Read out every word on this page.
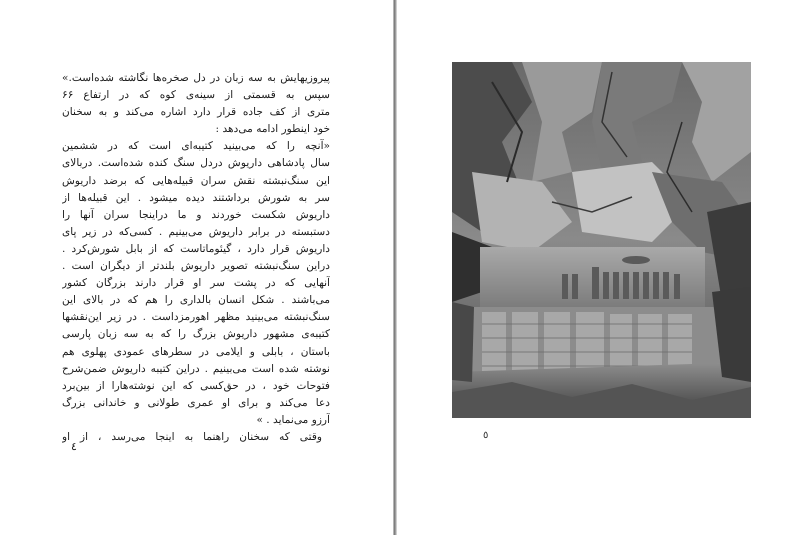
پیروزیهایش به سه زبان در دل صخره‌ها نگاشته شده‌است.»
سپس به قسمتی از سینه‌ی کوه که در ارتفاع ۶۶
متری از کف جاده قرار دارد اشاره می‌کند و به سخنان
خود اینطور ادامه می‌دهد :
«آنچه را که می‌بینید کتیبه‌ای است که در ششمین
سال پادشاهی داریوش دردل سنگ کنده شده‌است. دربالای
این سنگ‌نبشته نقش سران قبیله‌هایی که برضد داریوش
سر به شورش برداشتند دیده میشود . این قبیله‌ها از
داریوش شکست خوردند و ما دراینجا سران آنها را
دستبسته در برابر داریوش می‌بینیم . کسی‌که در زیر پای
داریوش قرار دارد ، گیئوماتاست که از بابل شورش‌کرد .
دراین سنگ‌نبشته تصویر داریوش بلندتر از دیگران است .
آنهایی که در پشت سر او قرار دارند بزرگان کشور
می‌باشند . شکل انسان بالداری را هم که در بالای این
سنگ‌نبشته می‌بینید مظهر اهورمزداست . در زیر این‌نقشها
کتیبه‌ی مشهور داریوش بزرگ را که به سه زبان پارسی
باستان ، بابلی و ایلامی در سطرهای عمودی پهلوی هم
نوشته شده است می‌بینیم . دراین کتیبه داریوش ضمن‌شرح
فتوحات خود ، در حق‌کسی که این نوشته‌هارا از بین‌برد
دعا می‌کند و برای او عمری طولانی و خاندانی بزرگ
آرزو می‌نماید . »
وقتی که سخنان راهنما به اینجا می‌رسد ، از او
٤
٥
